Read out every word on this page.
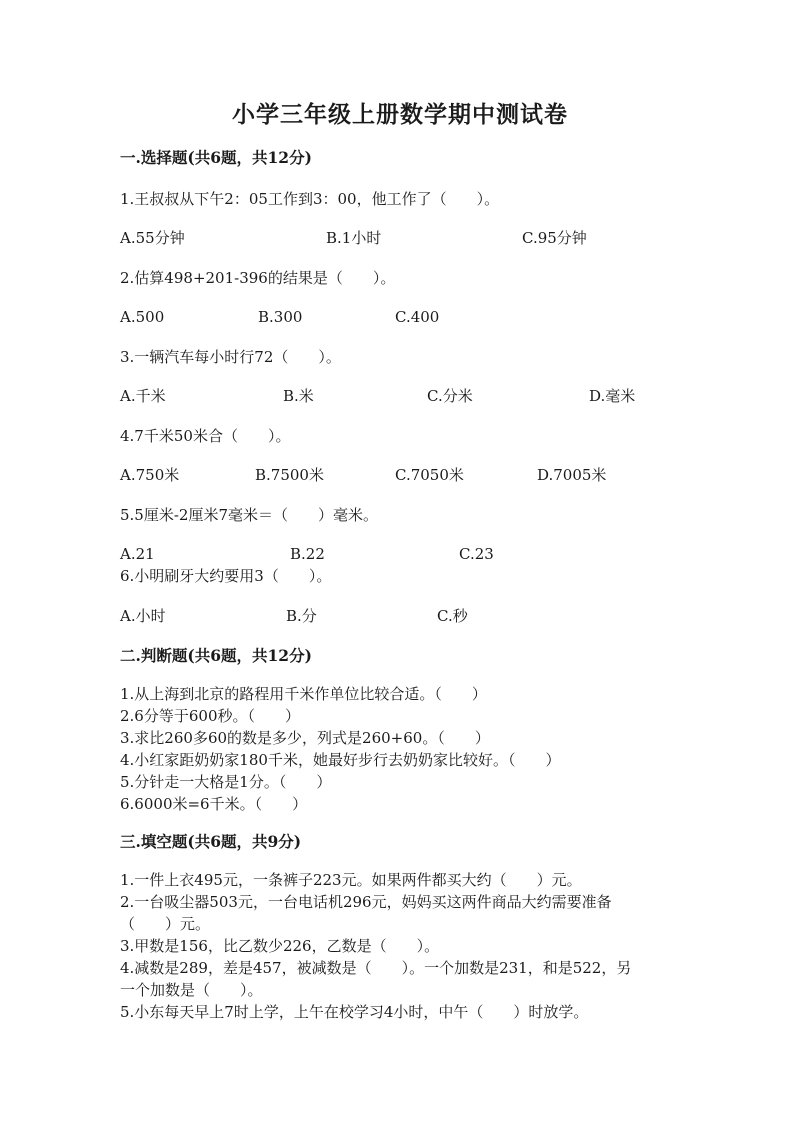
小学三年级上册数学期中测试卷
一.选择题(共6题，共12分)
1.王叔叔从下午2：05工作到3：00，他工作了（　　）。
A.55分钟	B.1小时	C.95分钟
2.估算498+201-396的结果是（　　）。
A.500	B.300	C.400
3.一辆汽车每小时行72（　　）。
A.千米	B.米	C.分米	D.毫米
4.7千米50米合（　　）。
A.750米	B.7500米	C.7050米	D.7005米
5.5厘米-2厘米7毫米＝（　　）毫米。
A.21	B.22	C.23
6.小明刷牙大约要用3（　　）。
A.小时	B.分	C.秒
二.判断题(共6题，共12分)
1.从上海到北京的路程用千米作单位比较合适。（　　）
2.6分等于600秒。（　　）
3.求比260多60的数是多少，列式是260+60。（　　）
4.小红家距奶奶家180千米，她最好步行去奶奶家比较好。（　　）
5.分针走一大格是1分。（　　）
6.6000米=6千米。（　　）
三.填空题(共6题，共9分)
1.一件上衣495元，一条裤子223元。如果两件都买大约（　　）元。
2.一台吸尘器503元，一台电话机296元，妈妈买这两件商品大约需要准备
（　　）元。
3.甲数是156，比乙数少226，乙数是（　　）。
4.减数是289，差是457，被减数是（　　）。一个加数是231，和是522，另
一个加数是（　　）。
5.小东每天早上7时上学，上午在校学习4小时，中午（　　）时放学。
